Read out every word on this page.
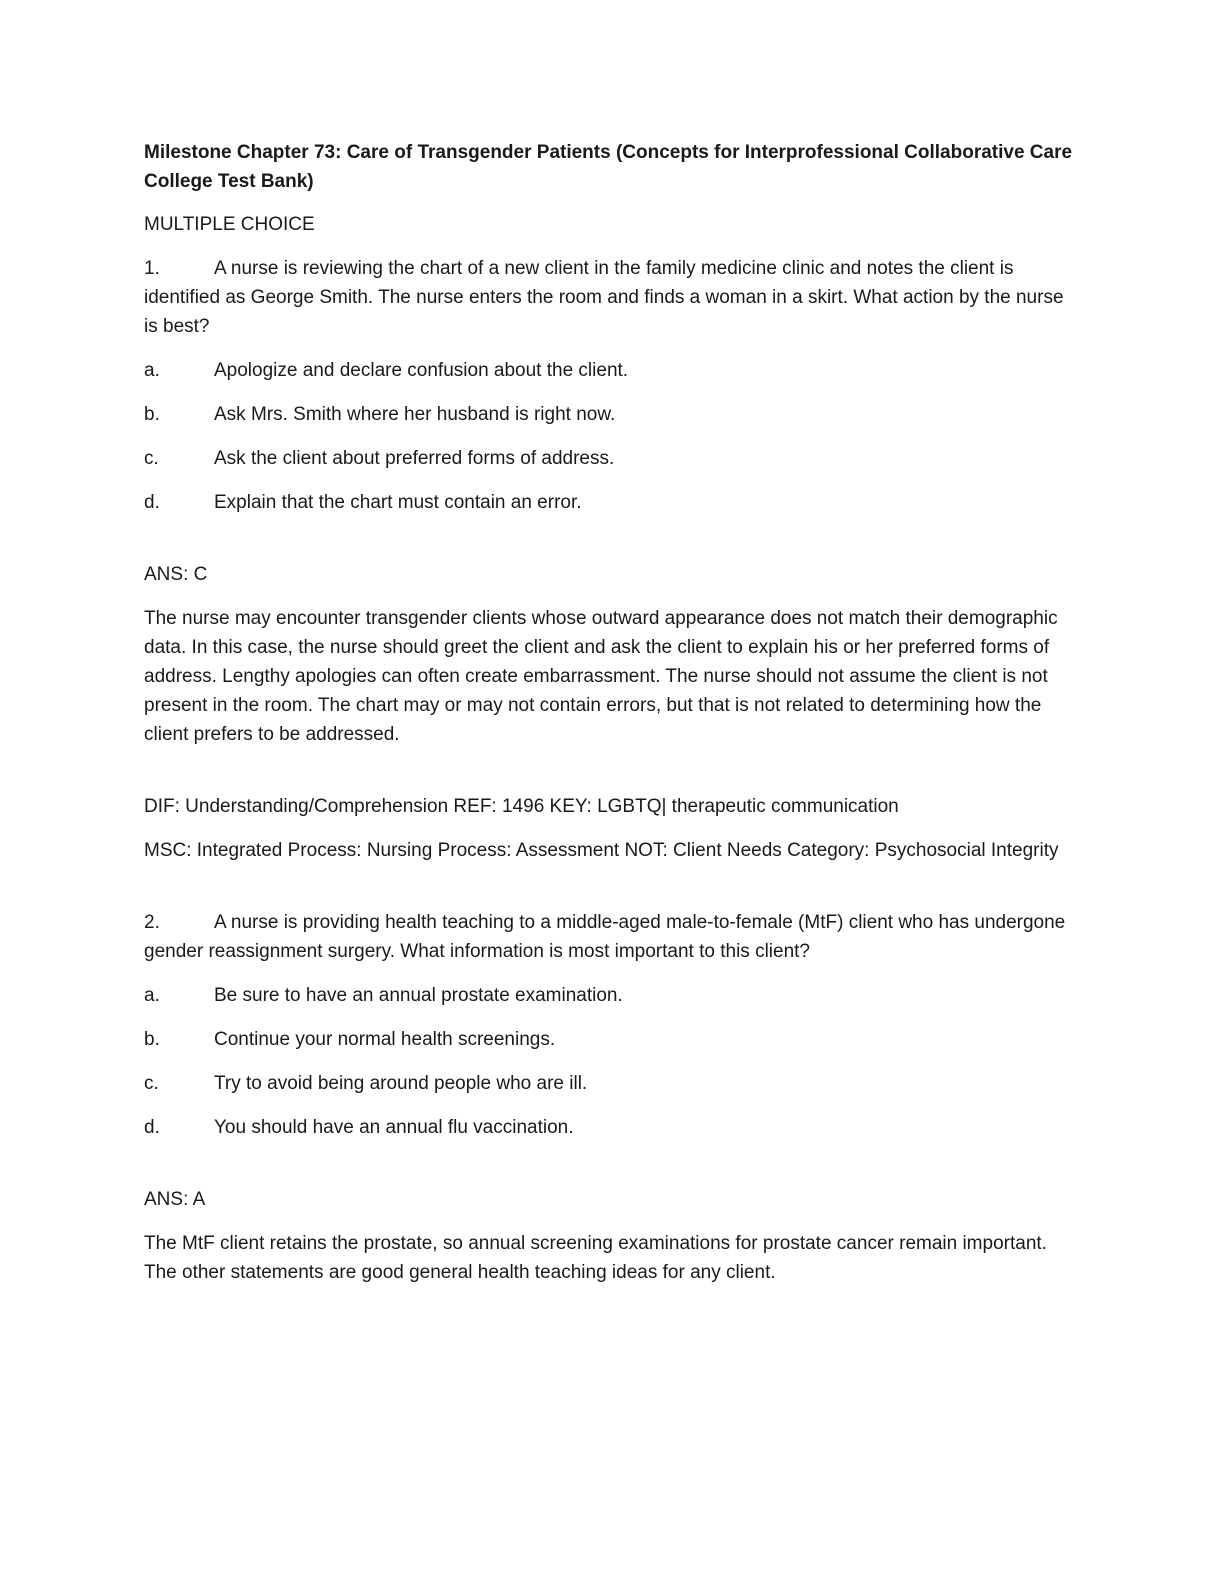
Milestone Chapter 73: Care of Transgender Patients (Concepts for Interprofessional Collaborative Care College Test Bank)
MULTIPLE CHOICE
1.	A nurse is reviewing the chart of a new client in the family medicine clinic and notes the client is identified as George Smith. The nurse enters the room and finds a woman in a skirt. What action by the nurse is best?
a.	Apologize and declare confusion about the client.
b.	Ask Mrs. Smith where her husband is right now.
c.	Ask the client about preferred forms of address.
d.	Explain that the chart must contain an error.
ANS: C
The nurse may encounter transgender clients whose outward appearance does not match their demographic data. In this case, the nurse should greet the client and ask the client to explain his or her preferred forms of address. Lengthy apologies can often create embarrassment. The nurse should not assume the client is not present in the room. The chart may or may not contain errors, but that is not related to determining how the client prefers to be addressed.
DIF: Understanding/Comprehension REF: 1496 KEY: LGBTQ| therapeutic communication
MSC: Integrated Process: Nursing Process: Assessment NOT: Client Needs Category: Psychosocial Integrity
2.	A nurse is providing health teaching to a middle-aged male-to-female (MtF) client who has undergone gender reassignment surgery. What information is most important to this client?
a.	Be sure to have an annual prostate examination.
b.	Continue your normal health screenings.
c.	Try to avoid being around people who are ill.
d.	You should have an annual flu vaccination.
ANS: A
The MtF client retains the prostate, so annual screening examinations for prostate cancer remain important. The other statements are good general health teaching ideas for any client.
